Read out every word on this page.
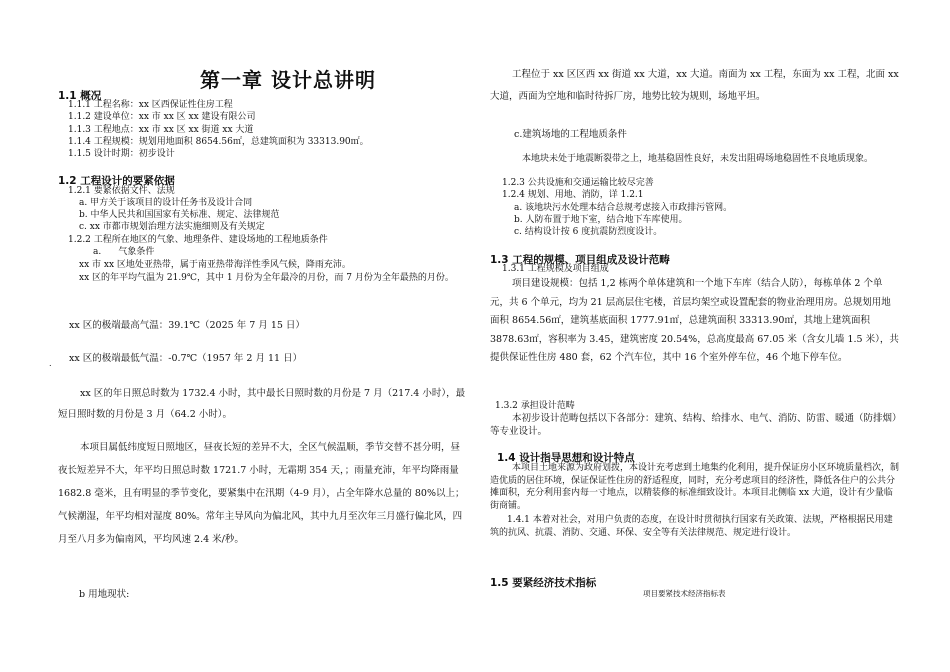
第一章 设计总讲明
1.1 概况
1.1.1 工程名称：xx 区西保证性住房工程
1.1.2 建设单位：xx 市 xx 区 xx 建设有限公司
1.1.3 工程地点：xx 市 xx 区 xx 街道 xx 大道
1.1.4 工程规模：规划用地面积 8654.56㎡，总建筑面积为 33313.90㎡。
1.1.5 设计时期：初步设计
1.2 工程设计的要紧依据
1.2.1 要紧依据文件、法规
a. 甲方关于该项目的设计任务书及设计合同
b. 中华人民共和国国家有关标准、规定、法律规范
c. xx 市都市规划治理方法实施细则及有关规定
1.2.2 工程所在地区的气象、地理条件、建设场地的工程地质条件
a.      气象条件
xx 市 xx 区地处亚热带，属于南亚热带海洋性季风气候，降雨充沛。
xx 区的年平均气温为 21.9℃，其中 1 月份为全年最冷的月份，而 7 月份为全年最热的月份。
xx 区的极端最高气温：39.1℃（2025 年 7 月 15 日）
. xx 区的极端最低气温：-0.7℃（1957 年 2 月 11 日）
xx 区的年日照总时数为 1732.4 小时，其中最长日照时数的月份是 7 月（217.4 小时），最短日照时数的月份是 3 月（64.2 小时）。
本项目属低纬度短日照地区，昼夜长短的差异不大，全区气候温顺，季节交替不甚分明，昼夜长短差异不大，年平均日照总时数 1721.7 小时，无霜期 354 天，；雨量充沛，年平均降雨量 1682.8 毫米，且有明显的季节变化，要紧集中在汛期（4-9 月），占全年降水总量的 80%以上；气候潮湿，年平均相对湿度 80%。常年主导风向为偏北风，其中九月至次年三月盛行偏北风，四月至八月多为偏南风，平均风速 2.4 米/秒。
b 用地现状:
工程位于 xx 区区西 xx 街道 xx 大道，xx 大道。南面为 xx 工程，东面为 xx 工程，北面 xx 大道，西面为空地和临时待拆厂房，地势比较为规则，场地平坦。
c.建筑场地的工程地质条件
本地块未处于地震断裂带之上，地基稳固性良好，未发出阻碍场地稳固性不良地质现象。
1.2.3 公共设施和交通运输比较尽完善
1.2.4 规划、用地、消防，详 1.2.1
a. 该地块污水处理本结合总规考虑接入市政排污管网。
b. 人防布置于地下室，结合地下车库使用。
c. 结构设计按 6 度抗震防烈度设计。
1.3 工程的规模、项目组成及设计范畴
1.3.1 工程规模及项目组成
项目建设规模：包括 1,2 栋两个单体建筑和一个地下车库（结合人防），每栋单体 2 个单元，共 6 个单元，均为 21 层高层住宅楼，首层均架空或设置配套的物业治理用房。总规划用地面积 8654.56㎡，建筑基底面积 1777.91㎡，总建筑面积 33313.90㎡，其地上建筑面积 3878.63㎡，容积率为 3.45，建筑密度 20.54%，总高度最高 67.05 米（含女儿墙 1.5 米），共提供保证性住房 480 套，62 个汽车位，其中 16 个室外停车位，46 个地下停车位。
1.3.2 承担设计范畴
本初步设计范畴包括以下各部分：建筑、结构、给排水、电气、消防、防雷、暖通（防排烟）等专业设计。
1.4 设计指导思想和设计特点
本项目土地来源为政府划拨，本设计充考虑到土地集约化利用，提升保证房小区环境质量档次，制造优质的居住环境，保证保证性住房的舒适程度，同时，充分考虑项目的经济性，降低各住户的公共分摊面积，充分利用套内每一寸地点，以精装修的标准细致设计。本项目北侧临 xx 大道，设计有少量临街商铺。
1.4.1 本着对社会，对用户负责的态度，在设计时贯彻执行国家有关政策、法规，严格根据民用建筑的抗风、抗震、消防、交通、环保、安全等有关法律规范、规定进行设计。
1.5 要紧经济技术指标
项目要紧技术经济指标表
